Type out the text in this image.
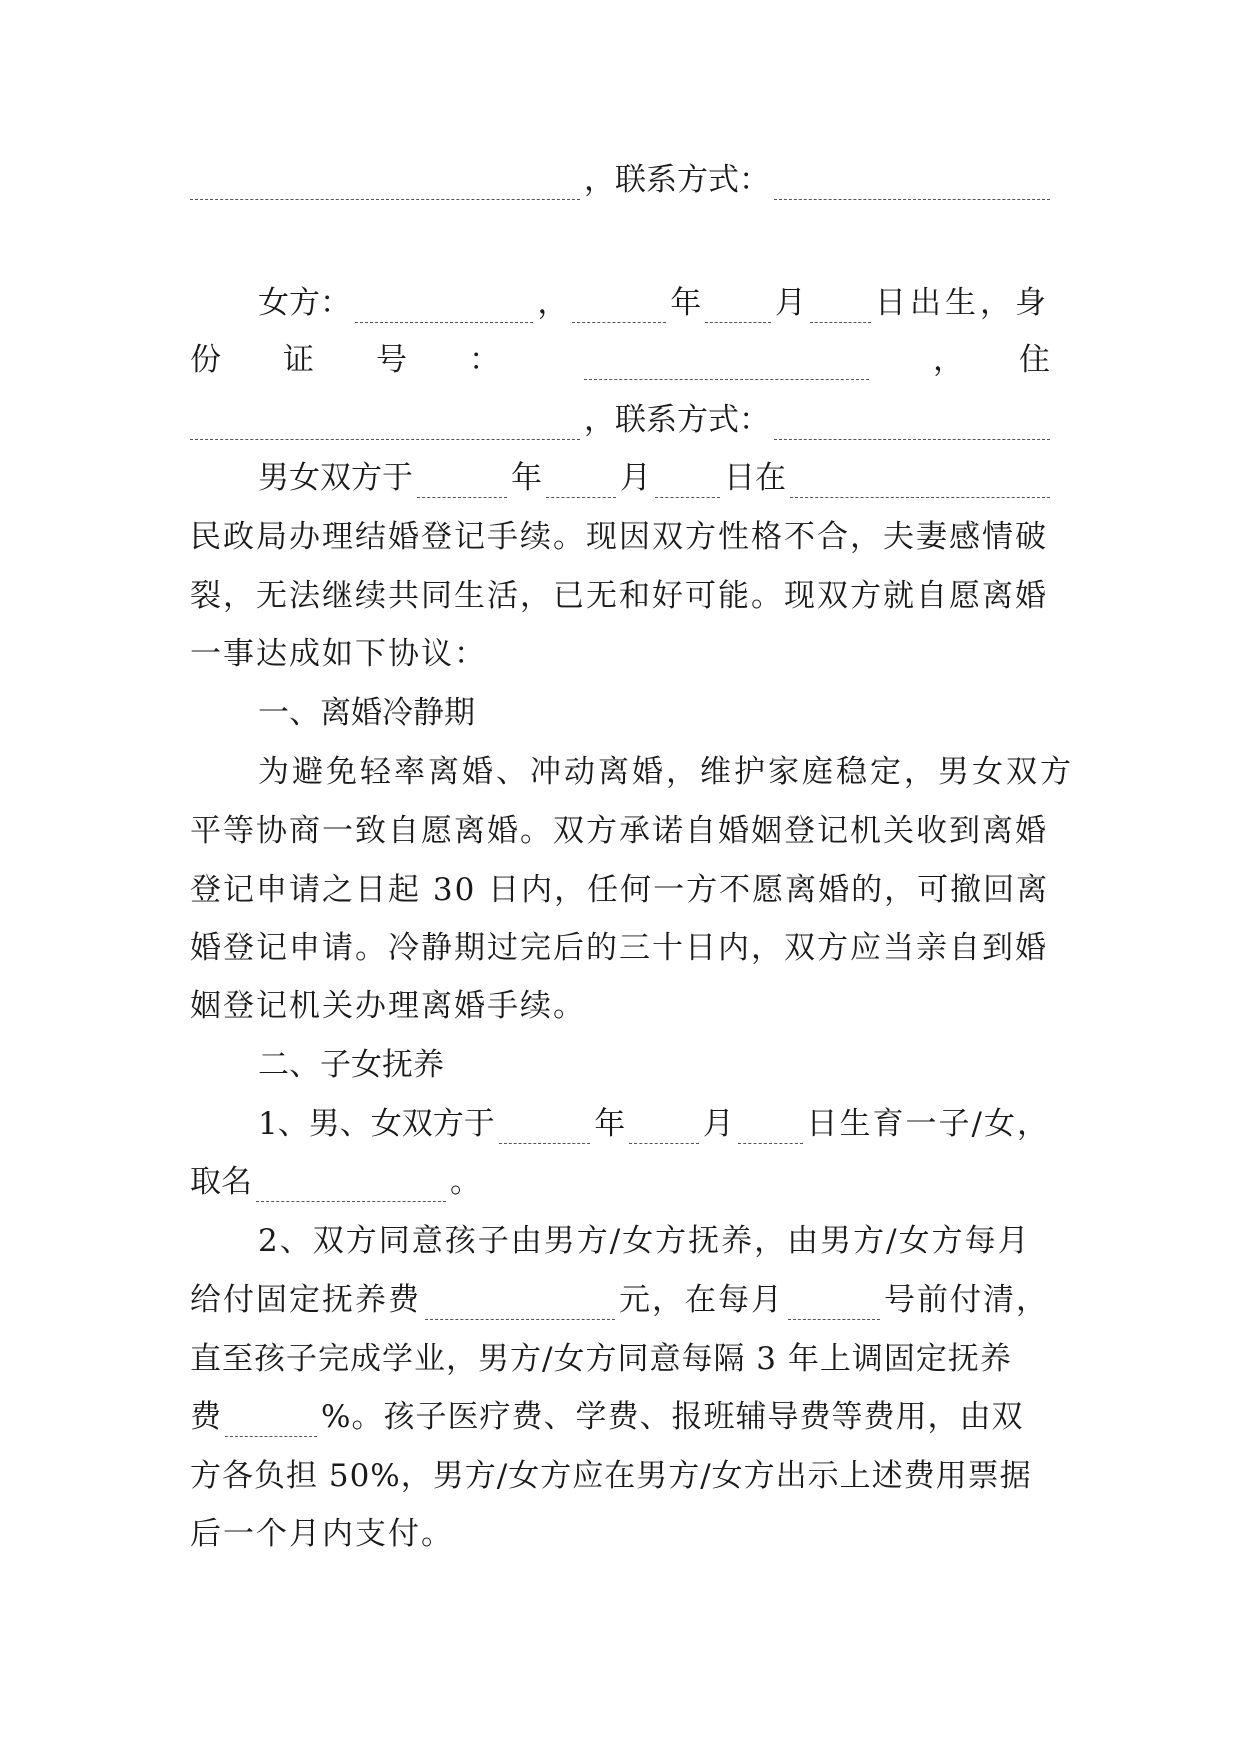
，联系方式：
女方：	，	年 月 日出生，身
份 证 号 ：	， 住
，联系方式：
男女双方于	年	月 日在
民政局办理结婚登记手续。现因双方性格不合，夫妻感情破
裂，无法继续共同生活，已无和好可能。现双方就自愿离婚
一事达成如下协议：
一、离婚冷静期
为避免轻率离婚、冲动离婚，维护家庭稳定，男女双方
平等协商一致自愿离婚。双方承诺自婚姻登记机关收到离婚
登记申请之日起 30 日内，任何一方不愿离婚的，可撤回离
婚登记申请。冷静期过完后的三十日内，双方应当亲自到婚
姻登记机关办理离婚手续。
二、子女抚养
1、男、女双方于	年	月 日生育一子/女，
取名	。
2、双方同意孩子由男方/女方抚养，由男方/女方每月
给付固定抚养费	元，在每月	号前付清，
直至孩子完成学业，男方/女方同意每隔 3 年上调固定抚养
费	%。孩子医疗费、学费、报班辅导费等费用，由双
方各负担 50%，男方/女方应在男方/女方出示上述费用票据
后一个月内支付。
